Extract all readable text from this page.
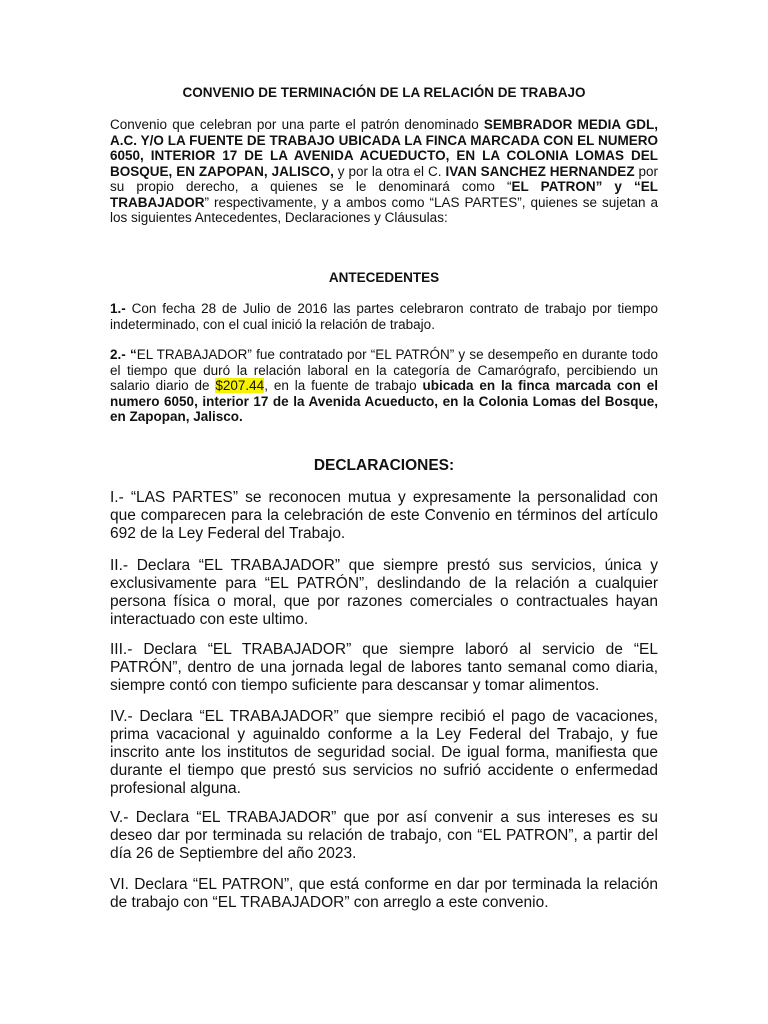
CONVENIO DE TERMINACIÓN DE LA RELACIÓN DE TRABAJO

Convenio que celebran por una parte el patrón denominado SEMBRADOR MEDIA GDL, A.C. Y/O LA FUENTE DE TRABAJO UBICADA LA FINCA MARCADA CON EL NUMERO 6050, INTERIOR 17 DE LA AVENIDA ACUEDUCTO, EN LA COLONIA LOMAS DEL BOSQUE, EN ZAPOPAN, JALISCO, y por la otra el C. IVAN SANCHEZ HERNANDEZ por su propio derecho, a quienes se le denominará como “EL PATRON” y “EL TRABAJADOR” respectivamente, y a ambos como “LAS PARTES”, quienes se sujetan a los siguientes Antecedentes, Declaraciones y Cláusulas:

ANTECEDENTES

1.- Con fecha 28 de Julio de 2016 las partes celebraron contrato de trabajo por tiempo indeterminado, con el cual inició la relación de trabajo.

2.- “EL TRABAJADOR” fue contratado por “EL PATRÓN” y se desempeño en durante todo el tiempo que duró la relación laboral en la categoría de Camarógrafo, percibiendo un salario diario de $207.44, en la fuente de trabajo ubicada en la finca marcada con el numero 6050, interior 17 de la Avenida Acueducto, en la Colonia Lomas del Bosque, en Zapopan, Jalisco.

DECLARACIONES:

I.- “LAS PARTES” se reconocen mutua y expresamente la personalidad con que comparecen para la celebración de este Convenio en términos del artículo 692 de la Ley Federal del Trabajo.

II.- Declara “EL TRABAJADOR” que siempre prestó sus servicios, única y exclusivamente para “EL PATRÓN”, deslindando de la relación a cualquier persona física o moral, que por razones comerciales o contractuales hayan interactuado con este ultimo.

III.- Declara “EL TRABAJADOR” que siempre laboró al servicio de “EL PATRÓN”, dentro de una jornada legal de labores tanto semanal como diaria, siempre contó con tiempo suficiente para descansar y tomar alimentos.

IV.- Declara “EL TRABAJADOR” que siempre recibió el pago de vacaciones, prima vacacional y aguinaldo conforme a la Ley Federal del Trabajo, y fue inscrito ante los institutos de seguridad social. De igual forma, manifiesta que durante el tiempo que prestó sus servicios no sufrió accidente o enfermedad profesional alguna.

V.- Declara “EL TRABAJADOR” que por así convenir a sus intereses es su deseo dar por terminada su relación de trabajo, con “EL PATRON”, a partir del día 26 de Septiembre del año 2023.

VI. Declara “EL PATRON”, que está conforme en dar por terminada la relación de trabajo con “EL TRABAJADOR” con arreglo a este convenio.
